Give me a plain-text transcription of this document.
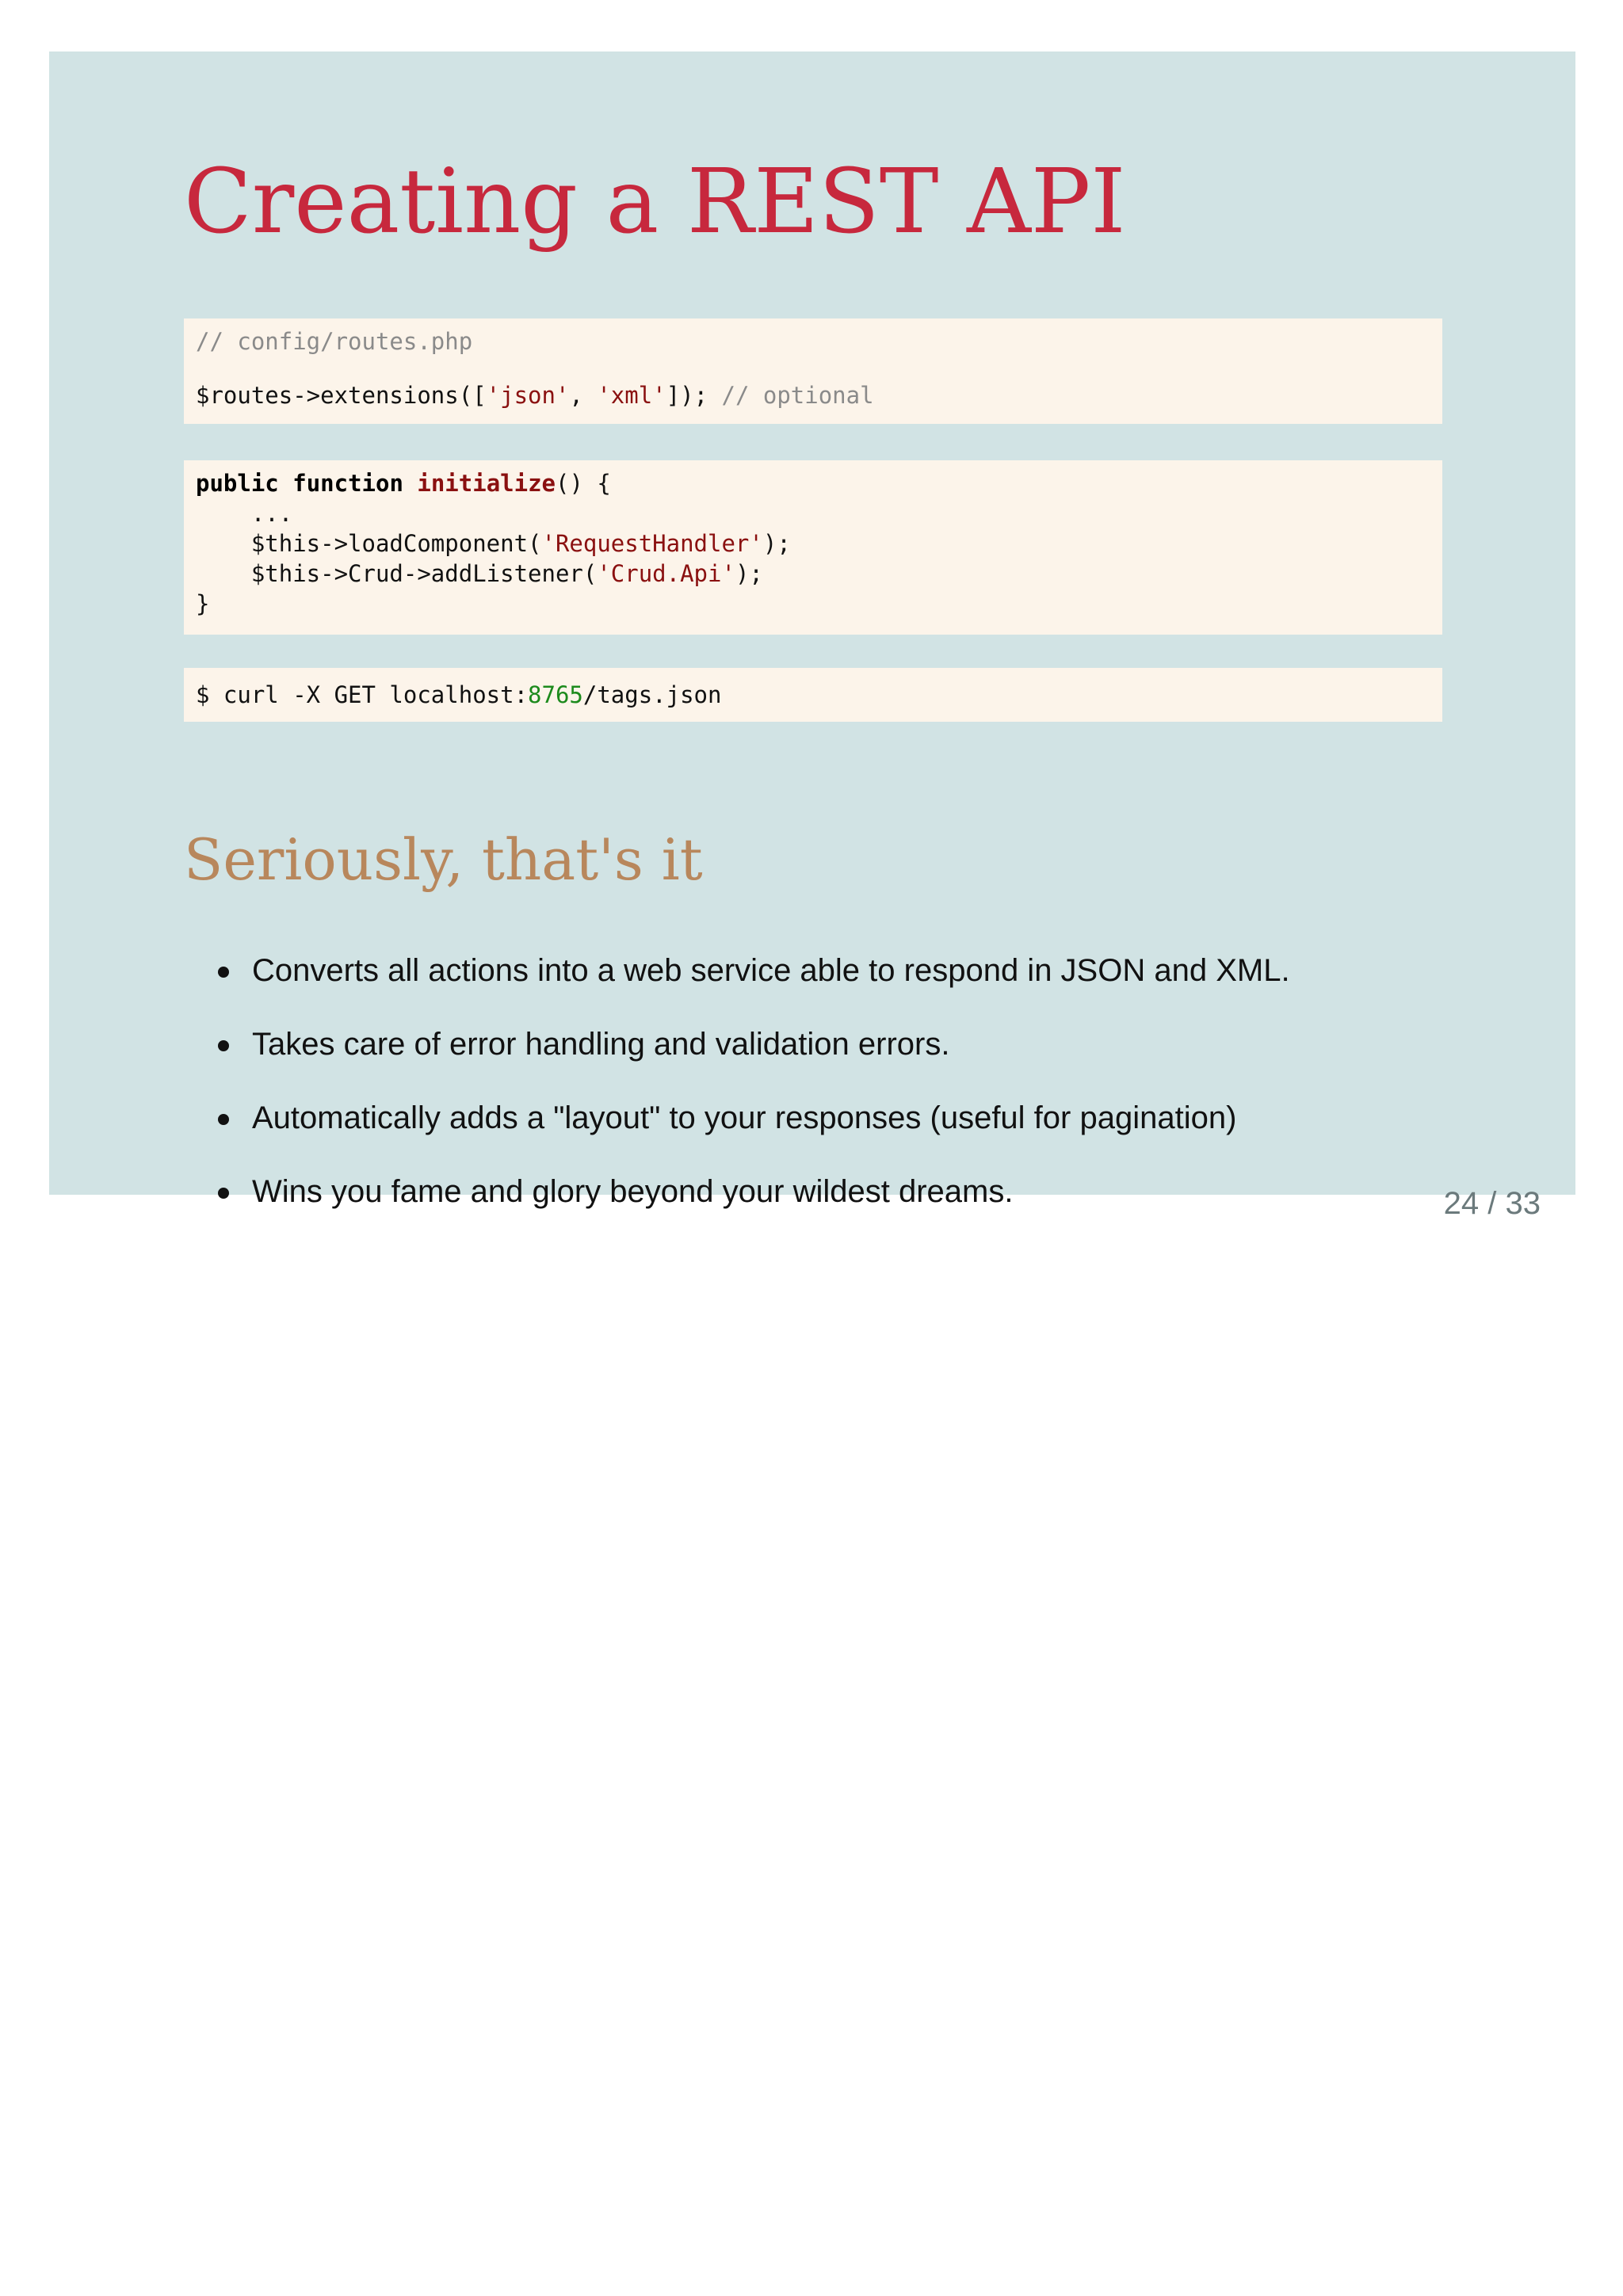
Creating a REST API
// config/routes.php
$routes->extensions(['json', 'xml']); // optional
public function initialize() {
...
$this->loadComponent('RequestHandler');
$this->Crud->addListener('Crud.Api');
}
$ curl -X GET localhost:8765/tags.json
Seriously, that's it
Converts all actions into a web service able to respond in JSON and XML.
Takes care of error handling and validation errors.
Automatically adds a "layout" to your responses (useful for pagination)
Wins you fame and glory beyond your wildest dreams.	24 / 33
